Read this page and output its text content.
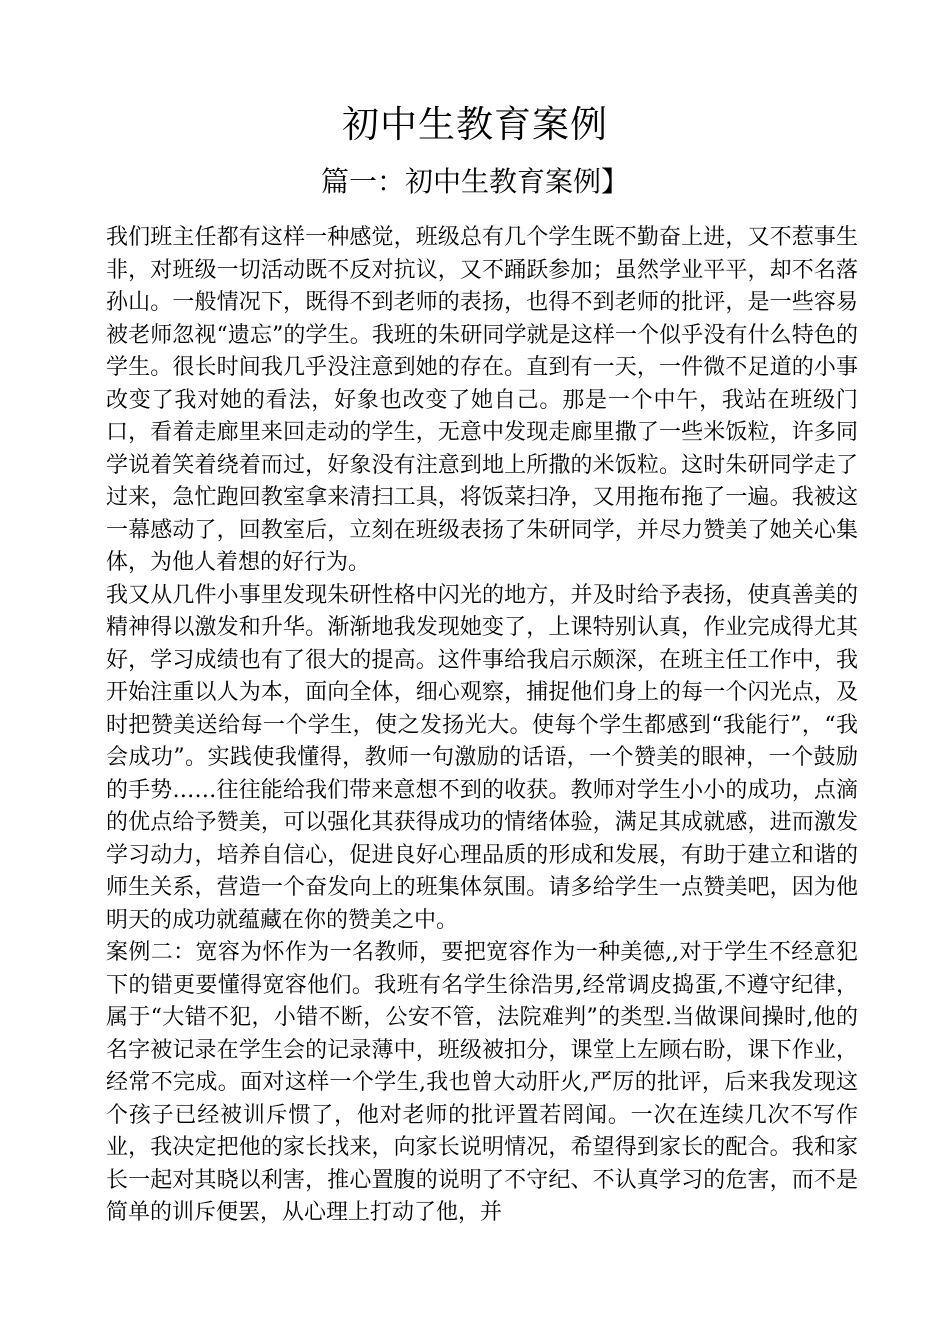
初中生教育案例
篇一：初中生教育案例】

我们班主任都有这样一种感觉，班级总有几个学生既不勤奋上进，又不惹事生非，对班级一切活动既不反对抗议，又不踊跃参加；虽然学业平平，却不名落孙山。一般情况下，既得不到老师的表扬，也得不到老师的批评，是一些容易被老师忽视“遗忘”的学生。我班的朱研同学就是这样一个似乎没有什么特色的学生。很长时间我几乎没注意到她的存在。直到有一天，一件微不足道的小事改变了我对她的看法，好象也改变了她自己。那是一个中午，我站在班级门口，看着走廊里来回走动的学生，无意中发现走廊里撒了一些米饭粒，许多同学说着笑着绕着而过，好象没有注意到地上所撒的米饭粒。这时朱研同学走了过来，急忙跑回教室拿来清扫工具，将饭菜扫净，又用拖布拖了一遍。我被这一幕感动了，回教室后，立刻在班级表扬了朱研同学，并尽力赞美了她关心集体，为他人着想的好行为。

我又从几件小事里发现朱研性格中闪光的地方，并及时给予表扬，使真善美的精神得以激发和升华。渐渐地我发现她变了，上课特别认真，作业完成得尤其好，学习成绩也有了很大的提高。这件事给我启示颇深，在班主任工作中，我开始注重以人为本，面向全体，细心观察，捕捉他们身上的每一个闪光点，及时把赞美送给每一个学生，使之发扬光大。使每个学生都感到“我能行”，“我会成功”。实践使我懂得，教师一句激励的话语，一个赞美的眼神，一个鼓励的手势……往往能给我们带来意想不到的收获。教师对学生小小的成功，点滴的优点给予赞美，可以强化其获得成功的情绪体验，满足其成就感，进而激发学习动力，培养自信心，促进良好心理品质的形成和发展，有助于建立和谐的师生关系，营造一个奋发向上的班集体氛围。请多给学生一点赞美吧，因为他明天的成功就蕴藏在你的赞美之中。

案例二：宽容为怀作为一名教师，要把宽容作为一种美德,,对于学生不经意犯下的错更要懂得宽容他们。我班有名学生徐浩男,经常调皮捣蛋,不遵守纪律，属于“大错不犯，小错不断，公安不管，法院难判”的类型.当做课间操时,他的名字被记录在学生会的记录薄中，班级被扣分，课堂上左顾右盼，课下作业，经常不完成。面对这样一个学生,我也曾大动肝火,严厉的批评，后来我发现这个孩子已经被训斥惯了，他对老师的批评置若罔闻。一次在连续几次不写作业，我决定把他的家长找来，向家长说明情况，希望得到家长的配合。我和家长一起对其晓以利害，推心置腹的说明了不守纪、不认真学习的危害，而不是简单的训斥便罢，从心理上打动了他，并
